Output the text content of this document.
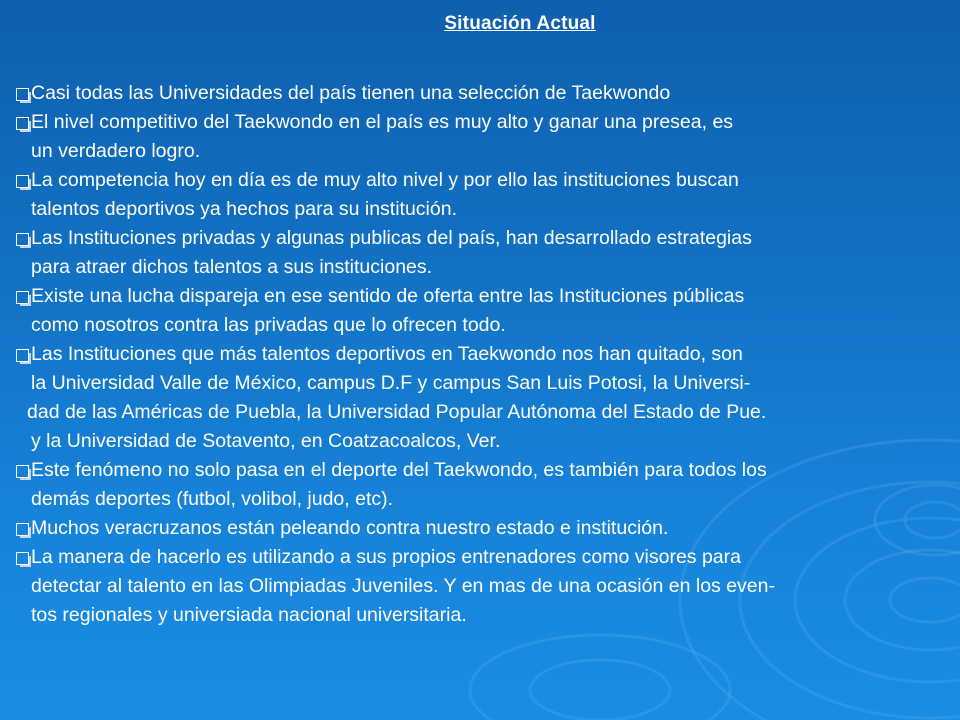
Situación Actual
Casi todas las Universidades del país tienen una selección de Taekwondo
El nivel competitivo del Taekwondo en el país es muy alto y ganar una presea, es
un verdadero logro.
La competencia hoy en día es de muy alto nivel y por ello las instituciones buscan
talentos deportivos ya hechos para su institución.
Las Instituciones privadas y algunas publicas del país, han desarrollado estrategias
para atraer dichos talentos a sus instituciones.
Existe una lucha dispareja en ese sentido de oferta entre las Instituciones públicas
como nosotros contra las privadas que lo ofrecen todo.
Las Instituciones que más talentos deportivos en Taekwondo nos han quitado, son
la Universidad Valle de México, campus D.F y campus San Luis Potosi, la Universi-
dad de las Américas de Puebla, la Universidad Popular Autónoma del Estado de Pue.
y la Universidad de Sotavento, en Coatzacoalcos, Ver.
Este fenómeno no solo pasa en el deporte del Taekwondo, es también para todos los
demás deportes (futbol, volibol, judo, etc).
Muchos veracruzanos están peleando contra nuestro estado e institución.
La manera de hacerlo es utilizando a sus propios entrenadores como visores para
detectar al talento en las Olimpiadas Juveniles. Y en mas de una ocasión en los even-
tos regionales y universiada nacional universitaria.
